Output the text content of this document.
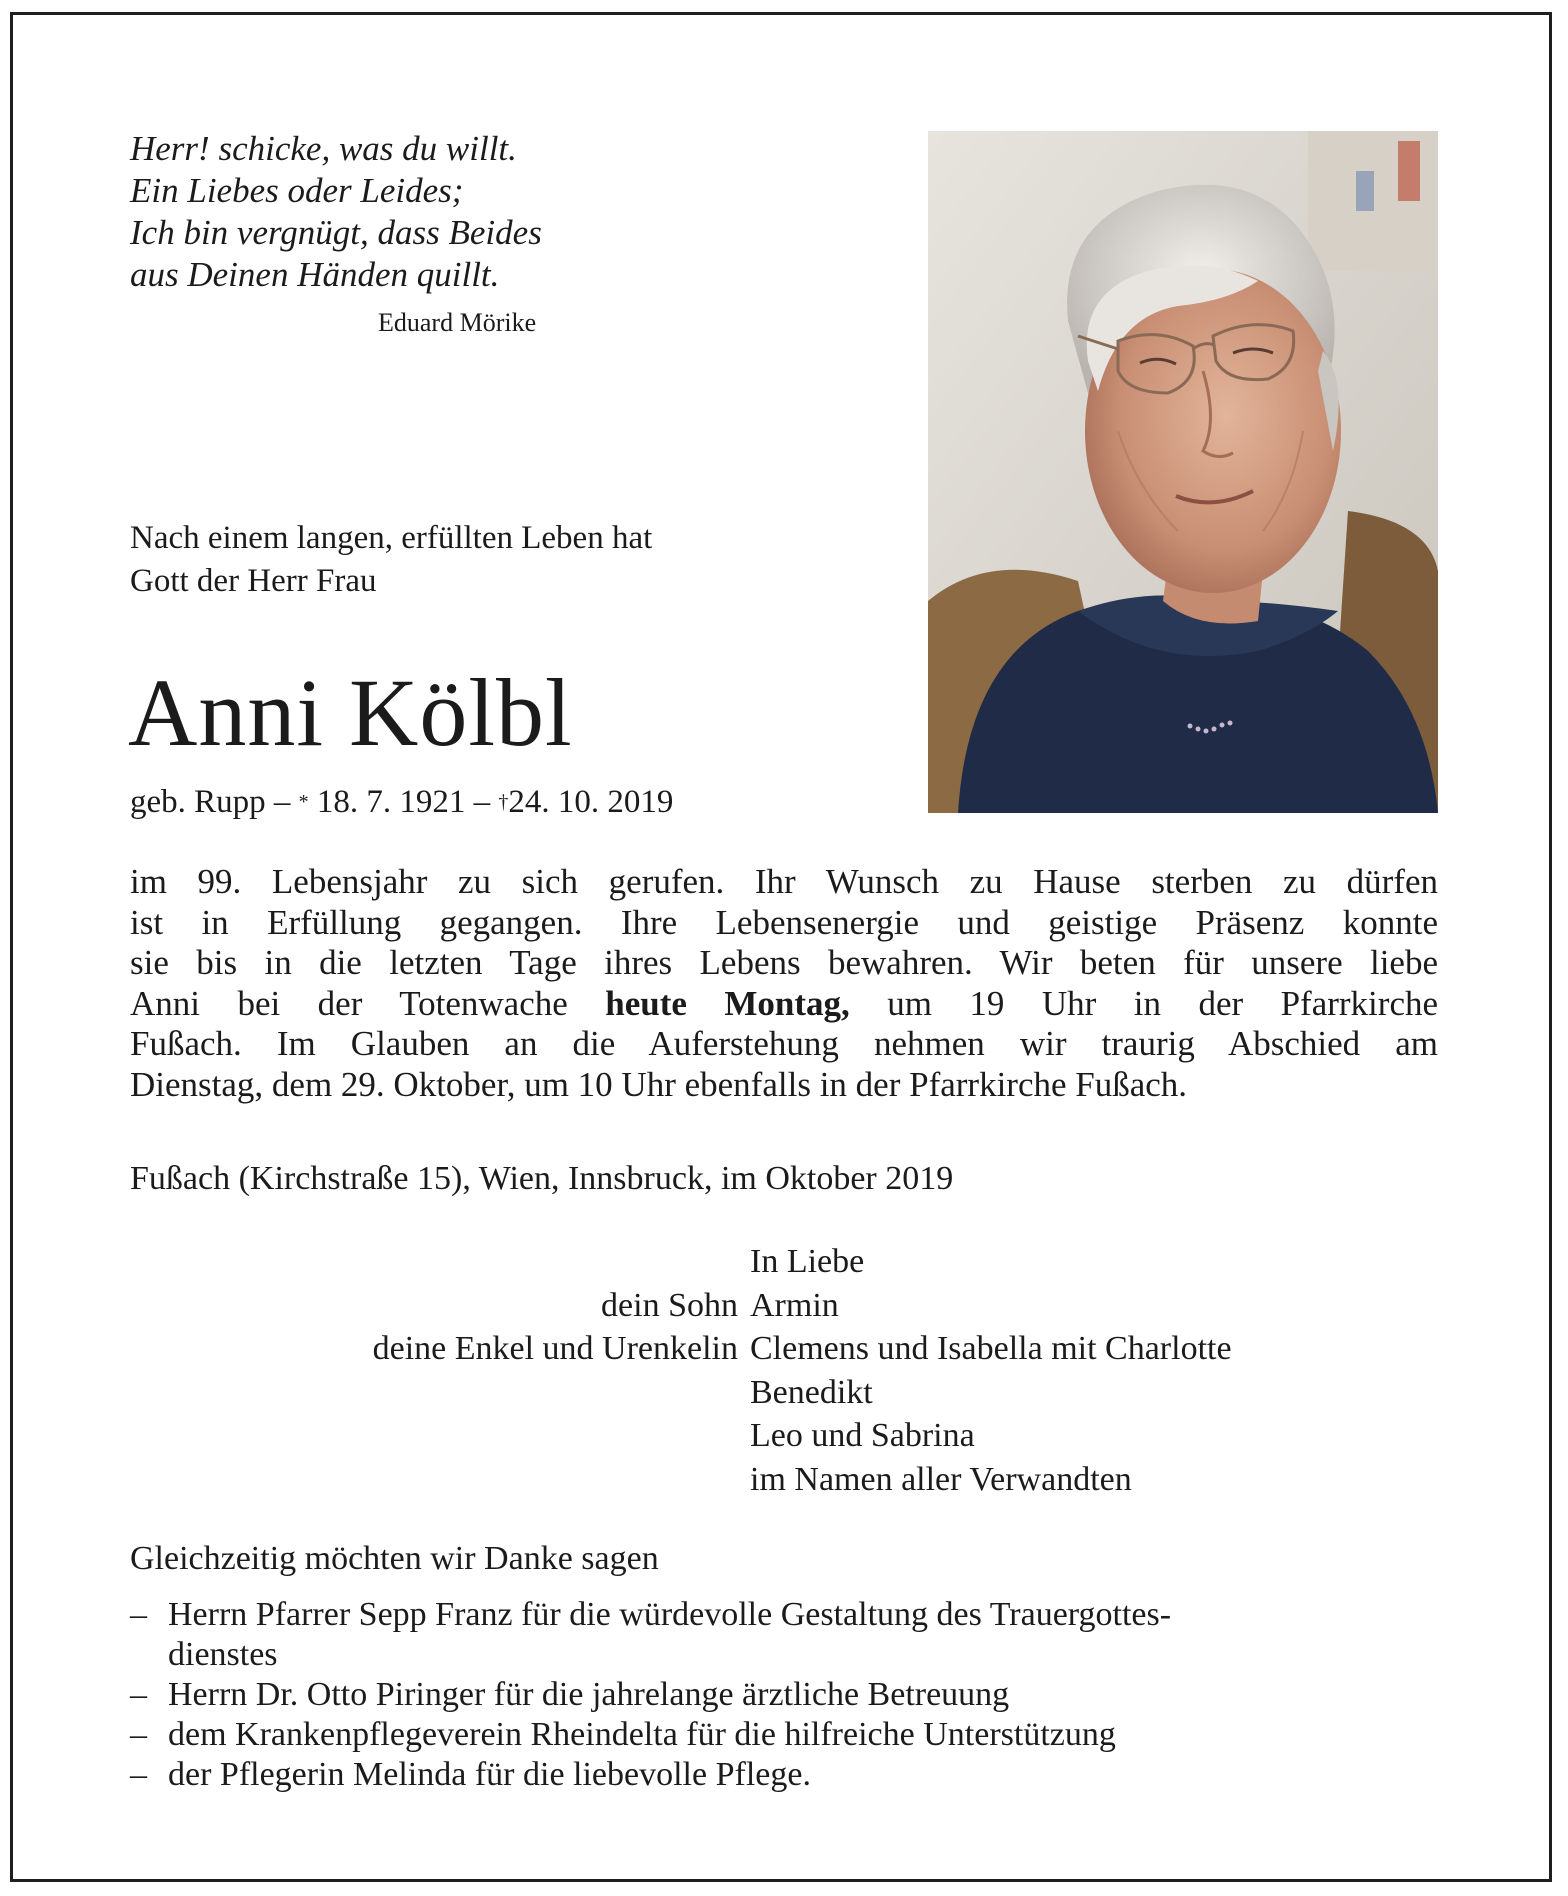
Herr! schicke, was du willt.
Ein Liebes oder Leides;
Ich bin vergnügt, dass Beides
aus Deinen Händen quillt.
Eduard Mörike
Nach einem langen, erfüllten Leben hat
Gott der Herr Frau
Anni Kölbl
geb. Rupp – * 18. 7. 1921 – †24. 10. 2019
im 99. Lebensjahr zu sich gerufen. Ihr Wunsch zu Hause sterben zu dürfen
ist in Erfüllung gegangen. Ihre Lebensenergie und geistige Präsenz konnte
sie bis in die letzten Tage ihres Lebens bewahren. Wir beten für unsere liebe
Anni bei der Totenwache heute Montag, um 19 Uhr in der Pfarrkirche
Fußach. Im Glauben an die Auferstehung nehmen wir traurig Abschied am
Dienstag, dem 29. Oktober, um 10 Uhr ebenfalls in der Pfarrkirche Fußach.
Fußach (Kirchstraße 15), Wien, Innsbruck, im Oktober 2019
In Liebe
dein Sohn Armin
deine Enkel und Urenkelin Clemens und Isabella mit Charlotte
Benedikt
Leo und Sabrina
im Namen aller Verwandten
Gleichzeitig möchten wir Danke sagen
– Herrn Pfarrer Sepp Franz für die würdevolle Gestaltung des Trauergottes-
dienstes
– Herrn Dr. Otto Piringer für die jahrelange ärztliche Betreuung
– dem Krankenpflegeverein Rheindelta für die hilfreiche Unterstützung
– der Pflegerin Melinda für die liebevolle Pflege.
